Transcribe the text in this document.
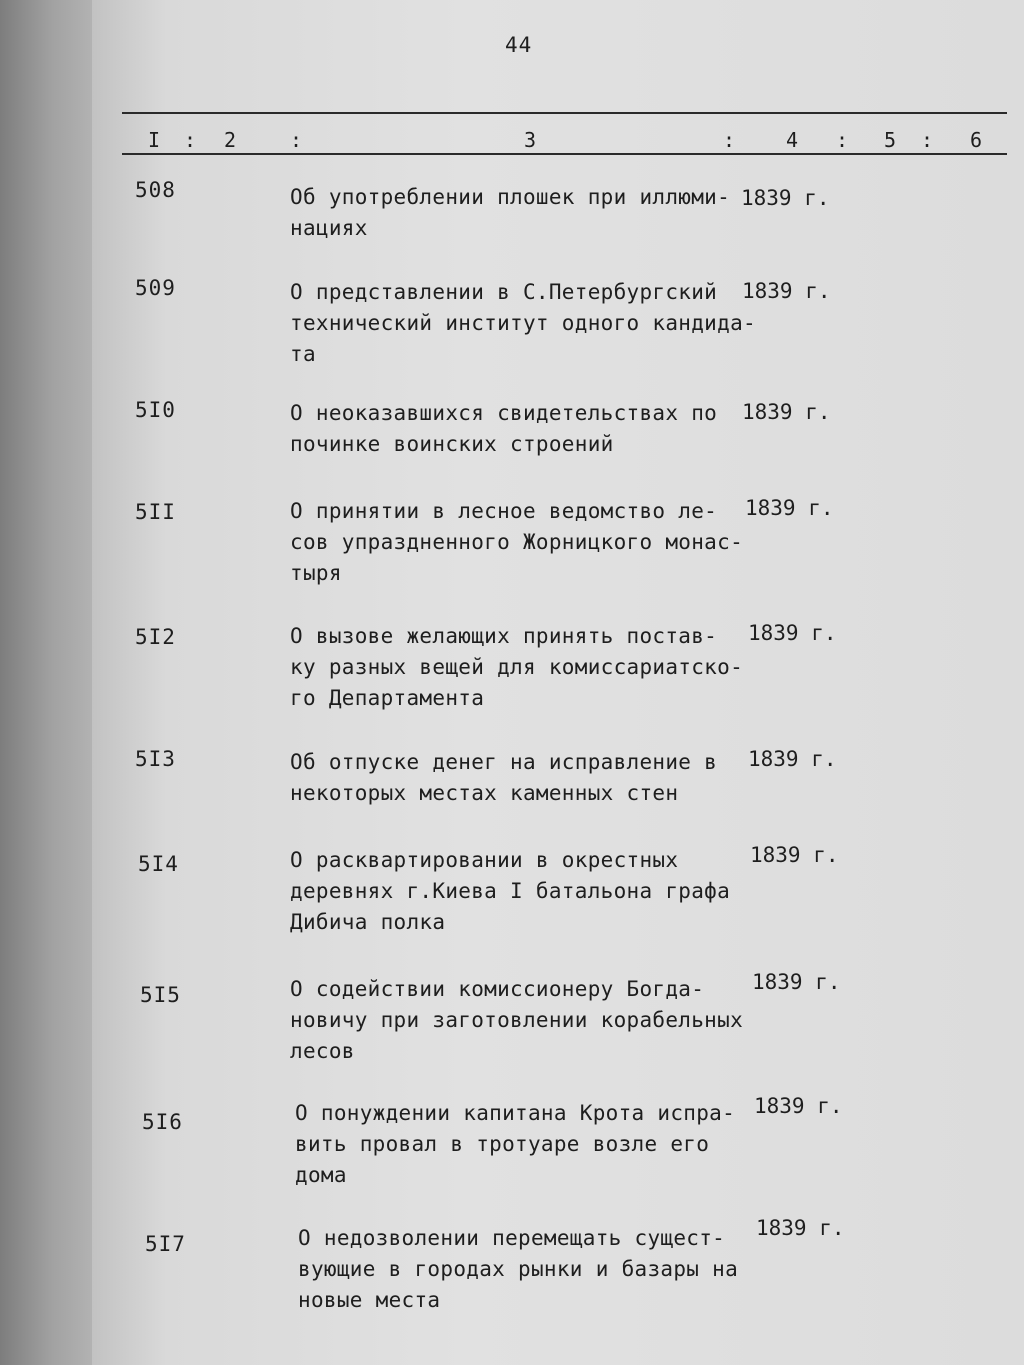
44
I : 2	:	3	:	4 : 5 : 6
508	Об употреблении плошек при иллюми-
нациях
1839 г.
509	О представлении в С.Петербургский
технический институт одного кандида-
та
1839 г.
5I0	О неоказавшихся свидетельствах по
починке воинских строений
1839 г.
5II	О принятии в лесное ведомство ле-
сов упраздненного Жорницкого монас-
тыря
1839 г.
5I2	О вызове желающих принять постав-
ку разных вещей для комиссариатско-
го Департамента
1839 г.
5I3	Об отпуске денег на исправление в
некоторых местах каменных стен
1839 г.
5I4	О расквартировании в окрестных
деревнях г.Киева I батальона графа
Дибича полка
1839 г.
5I5	О содействии комиссионеру Богда-
новичу при заготовлении корабельных
лесов
1839 г.
5I6	О понуждении капитана Крота испра-
вить провал в тротуаре возле его
дома
1839 г.
5I7	О недозволении перемещать сущест-
вующие в городах рынки и базары на
новые места
1839 г.
